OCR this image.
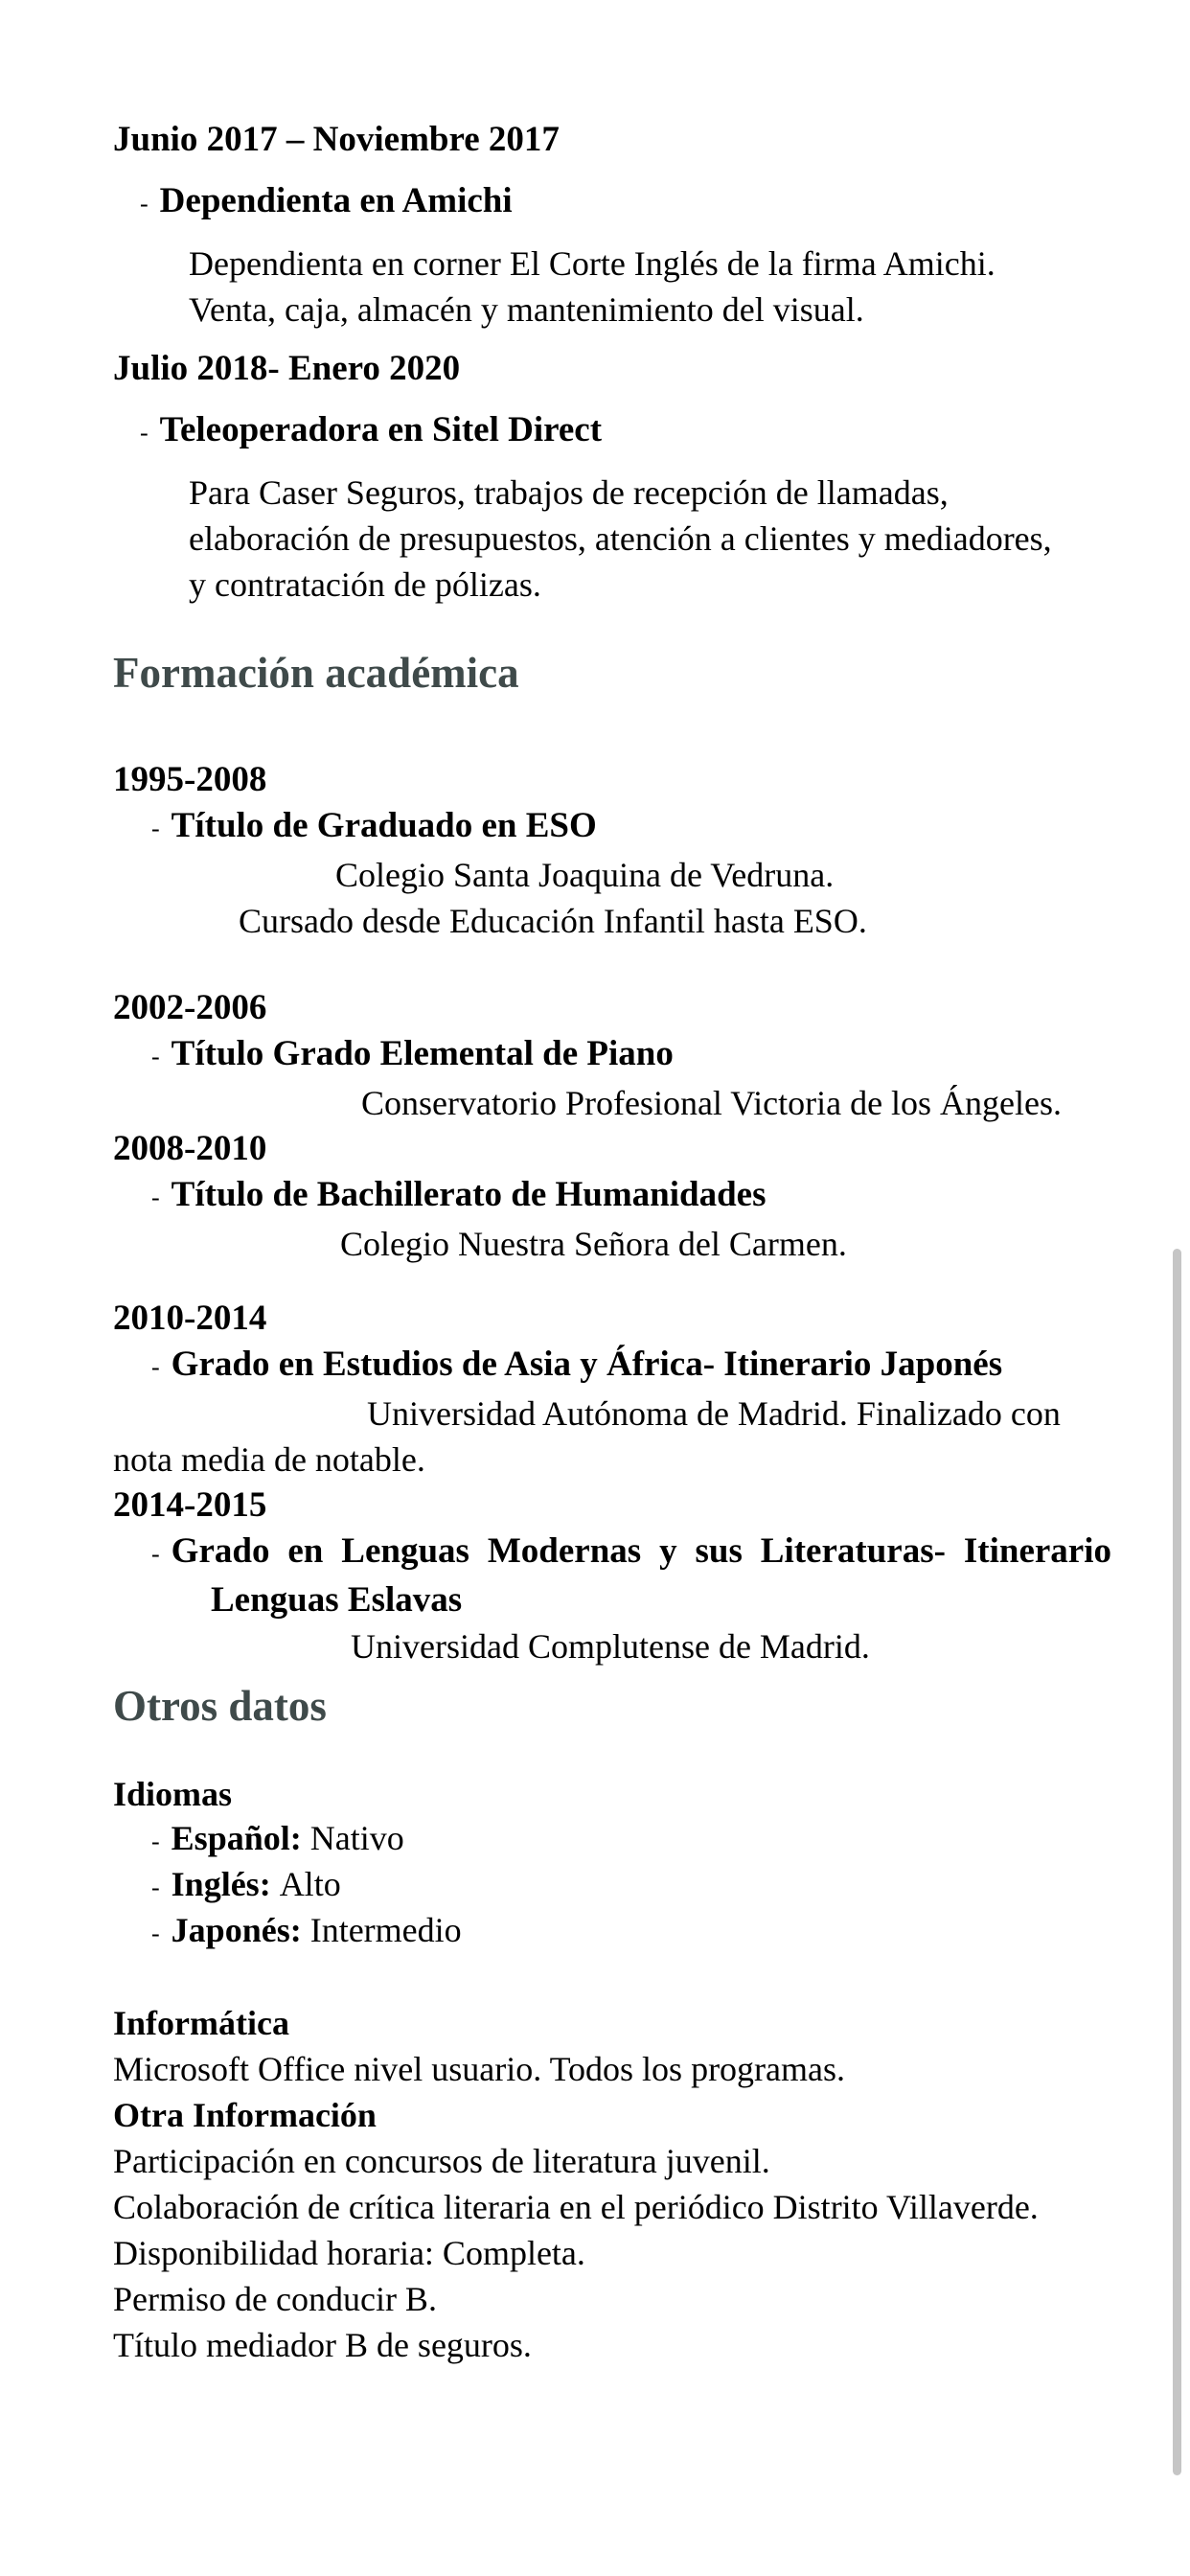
Junio 2017 – Noviembre 2017
- Dependienta en Amichi
Dependienta en corner El Corte Inglés de la firma Amichi.
Venta, caja, almacén y mantenimiento del visual.
Julio 2018- Enero 2020
- Teleoperadora en Sitel Direct
Para Caser Seguros, trabajos de recepción de llamadas,
elaboración de presupuestos, atención a clientes y mediadores,
y contratación de pólizas.
Formación académica
1995-2008
- Título de Graduado en ESO
Colegio Santa Joaquina de Vedruna.
Cursado desde Educación Infantil hasta ESO.
2002-2006
- Título Grado Elemental de Piano
Conservatorio Profesional Victoria de los Ángeles.
2008-2010
- Título de Bachillerato de Humanidades
Colegio Nuestra Señora del Carmen.
2010-2014
- Grado en Estudios de Asia y África- Itinerario Japonés
Universidad Autónoma de Madrid. Finalizado con
nota media de notable.
2014-2015
- Grado en Lenguas Modernas y sus Literaturas- Itinerario
Lenguas Eslavas
Universidad Complutense de Madrid.
Otros datos
Idiomas
- Español: Nativo
- Inglés: Alto
- Japonés: Intermedio
Informática
Microsoft Office nivel usuario. Todos los programas.
Otra Información
Participación en concursos de literatura juvenil.
Colaboración de crítica literaria en el periódico Distrito Villaverde.
Disponibilidad horaria: Completa.
Permiso de conducir B.
Título mediador B de seguros.
